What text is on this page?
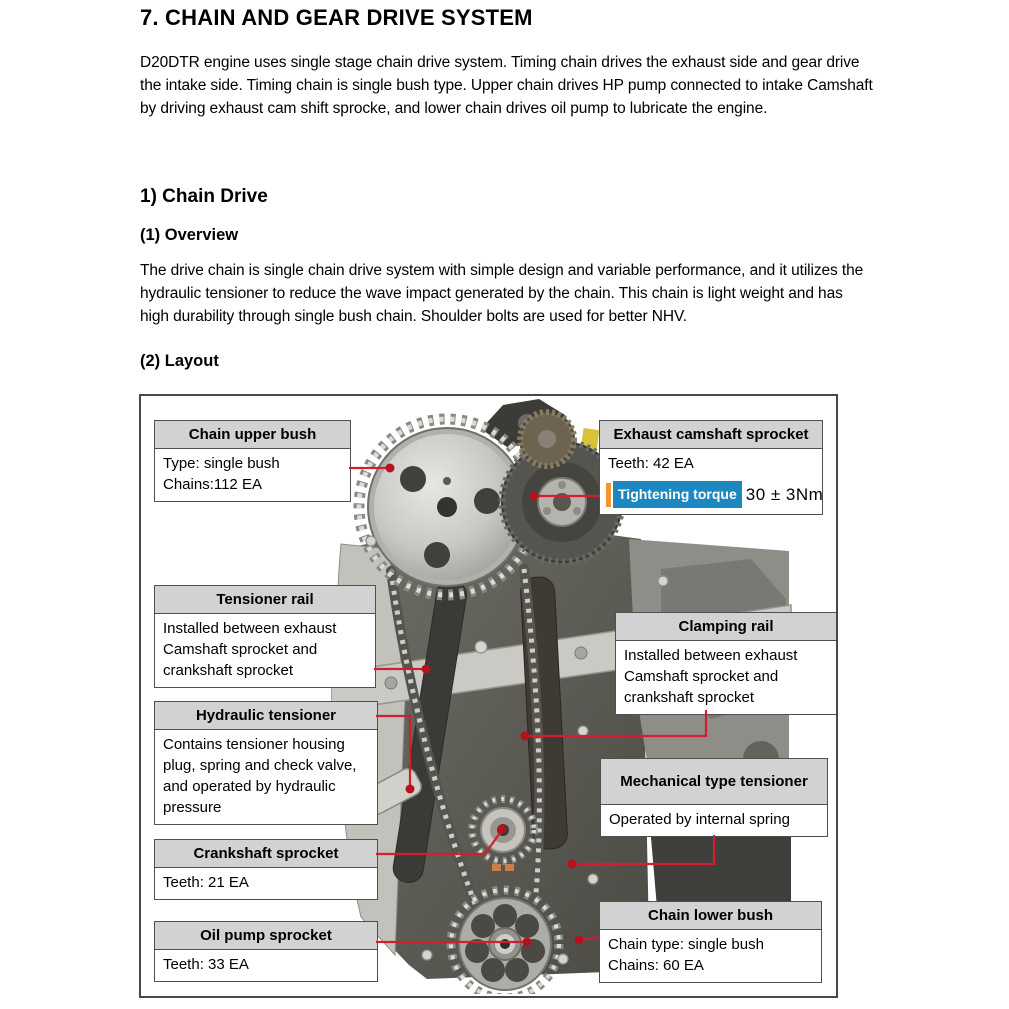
7. CHAIN AND GEAR DRIVE SYSTEM
D20DTR engine uses single stage chain drive system. Timing chain drives the exhaust side and gear drive the intake side. Timing chain is single bush type. Upper chain drives HP pump connected to intake Camshaft by driving exhaust cam shift sprocke, and lower chain drives oil pump to lubricate the engine.
1) Chain Drive
(1) Overview
The drive chain is single chain drive system with simple design and variable performance, and it utilizes the hydraulic tensioner to reduce the wave impact generated by the chain. This chain is light weight and has high durability through single bush chain. Shoulder bolts are used for better NHV.
(2) Layout
Chain upper bush
Type: single bush
Chains:112 EA
Exhaust camshaft sprocket
Teeth: 42 EA
Tightening torque 30 ± 3Nm
Tensioner rail
Installed between exhaust
Camshaft sprocket and
crankshaft sprocket
Clamping rail
Installed between exhaust
Camshaft sprocket and
crankshaft sprocket
Hydraulic tensioner
Contains tensioner housing
plug, spring and check valve,
and operated by hydraulic
pressure
Mechanical type tensioner
Operated by internal spring
Crankshaft sprocket
Teeth: 21 EA
Oil pump sprocket
Teeth: 33 EA
Chain lower bush
Chain type: single bush
Chains: 60 EA
